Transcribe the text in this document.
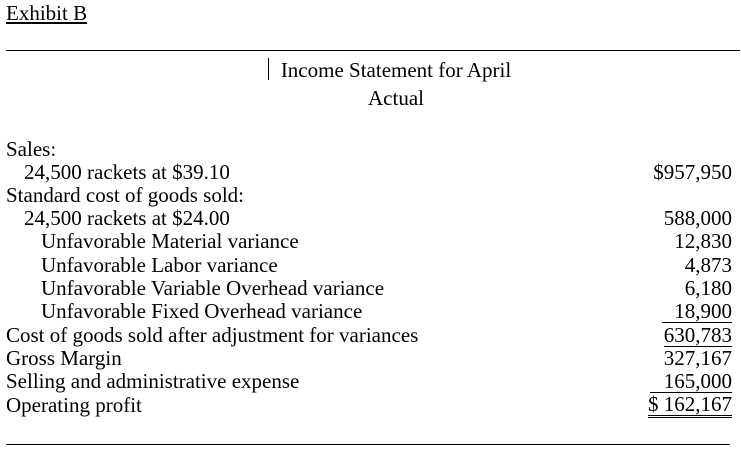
Exhibit B
Income Statement for April
Actual
Sales:
24,500 rackets at $39.10	$957,950
Standard cost of goods sold:
24,500 rackets at $24.00	588,000
Unfavorable Material variance	12,830
Unfavorable Labor variance	4,873
Unfavorable Variable Overhead variance	6,180
Unfavorable Fixed Overhead variance	18,900
Cost of goods sold after adjustment for variances	630,783
Gross Margin	327,167
Selling and administrative expense	165,000
Operating profit	$ 162,167
